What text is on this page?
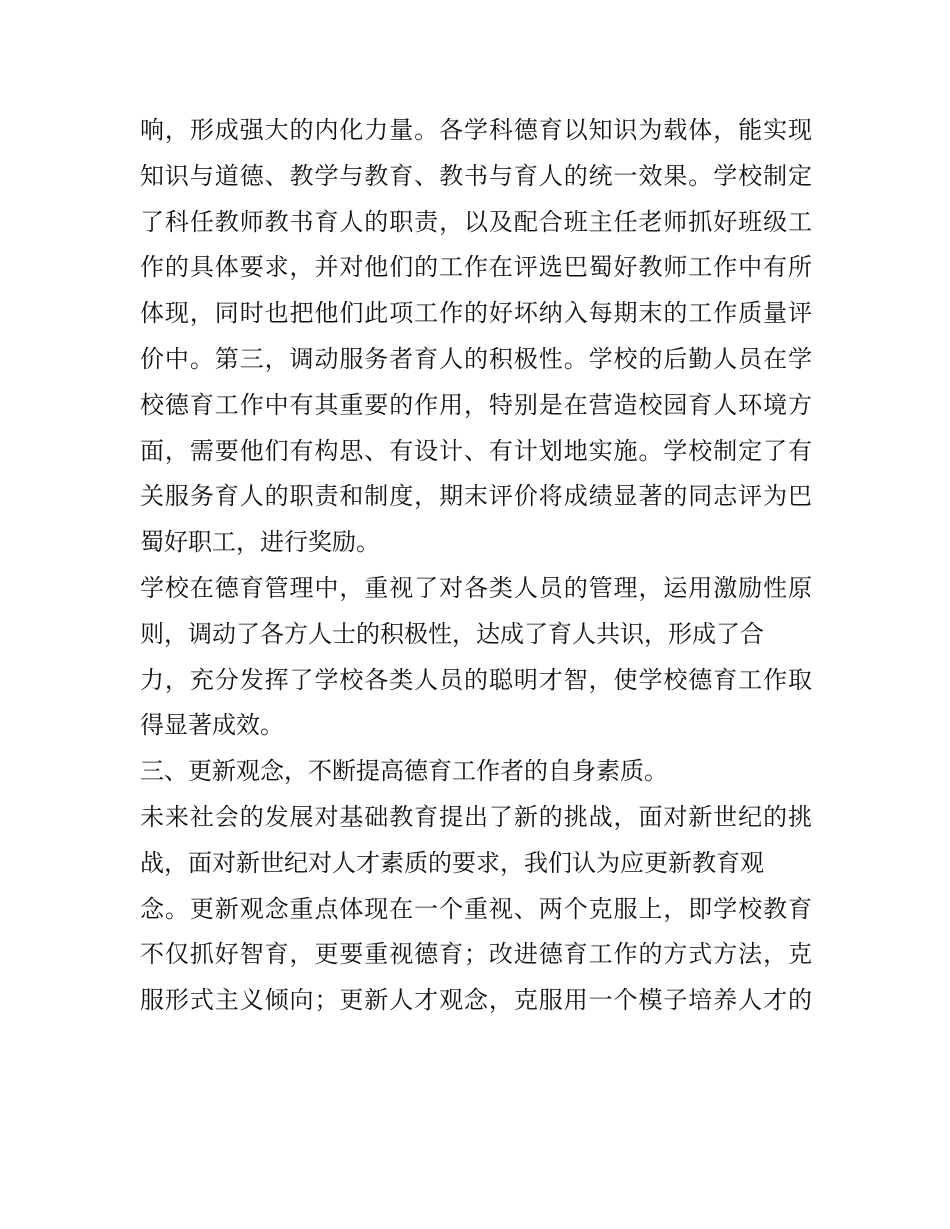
响，形成强大的内化力量。各学科德育以知识为载体，能实现
知识与道德、教学与教育、教书与育人的统一效果。学校制定
了科任教师教书育人的职责，以及配合班主任老师抓好班级工
作的具体要求，并对他们的工作在评选巴蜀好教师工作中有所
体现，同时也把他们此项工作的好坏纳入每期末的工作质量评
价中。第三，调动服务者育人的积极性。学校的后勤人员在学
校德育工作中有其重要的作用，特别是在营造校园育人环境方
面，需要他们有构思、有设计、有计划地实施。学校制定了有
关服务育人的职责和制度，期末评价将成绩显著的同志评为巴
蜀好职工，进行奖励。
学校在德育管理中，重视了对各类人员的管理，运用激励性原
则，调动了各方人士的积极性，达成了育人共识，形成了合
力，充分发挥了学校各类人员的聪明才智，使学校德育工作取
得显著成效。
三、更新观念，不断提高德育工作者的自身素质。
未来社会的发展对基础教育提出了新的挑战，面对新世纪的挑
战，面对新世纪对人才素质的要求，我们认为应更新教育观
念。更新观念重点体现在一个重视、两个克服上，即学校教育
不仅抓好智育，更要重视德育；改进德育工作的方式方法，克
服形式主义倾向；更新人才观念，克服用一个模子培养人才的
